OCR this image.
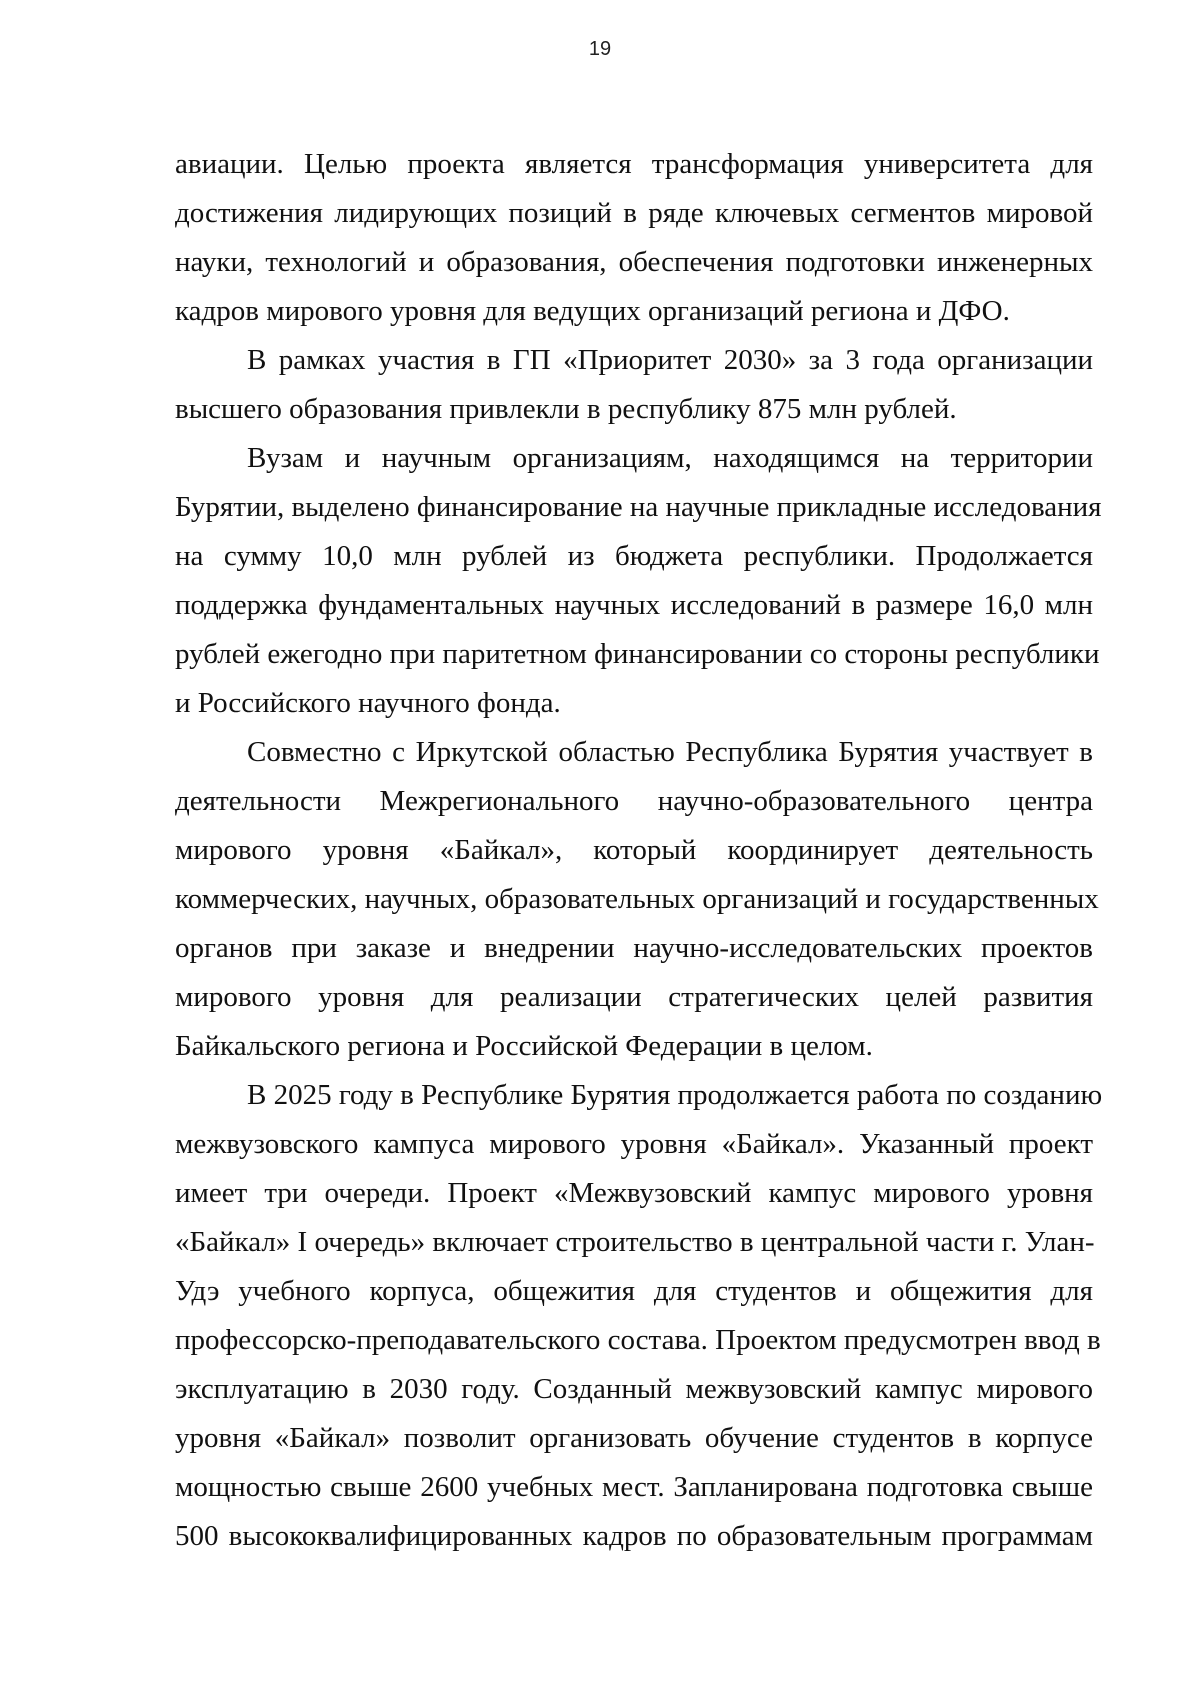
19
авиации. Целью проекта является трансформация университета для
достижения лидирующих позиций в ряде ключевых сегментов мировой
науки, технологий и образования, обеспечения подготовки инженерных
кадров мирового уровня для ведущих организаций региона и ДФО.
В рамках участия в ГП «Приоритет 2030» за 3 года организации
высшего образования привлекли в республику 875 млн рублей.
Вузам и научным организациям, находящимся на территории
Бурятии, выделено финансирование на научные прикладные исследования
на сумму 10,0 млн рублей из бюджета республики. Продолжается
поддержка фундаментальных научных исследований в размере 16,0 млн
рублей ежегодно при паритетном финансировании со стороны республики
и Российского научного фонда.
Совместно с Иркутской областью Республика Бурятия участвует в
деятельности Межрегионального научно-образовательного центра
мирового уровня «Байкал», который координирует деятельность
коммерческих, научных, образовательных организаций и государственных
органов при заказе и внедрении научно-исследовательских проектов
мирового уровня для реализации стратегических целей развития
Байкальского региона и Российской Федерации в целом.
В 2025 году в Республике Бурятия продолжается работа по созданию
межвузовского кампуса мирового уровня «Байкал». Указанный проект
имеет три очереди. Проект «Межвузовский кампус мирового уровня
«Байкал» I очередь» включает строительство в центральной части г. Улан-
Удэ учебного корпуса, общежития для студентов и общежития для
профессорско-преподавательского состава. Проектом предусмотрен ввод в
эксплуатацию в 2030 году. Созданный межвузовский кампус мирового
уровня «Байкал» позволит организовать обучение студентов в корпусе
мощностью свыше 2600 учебных мест. Запланирована подготовка свыше
500 высококвалифицированных кадров по образовательным программам
